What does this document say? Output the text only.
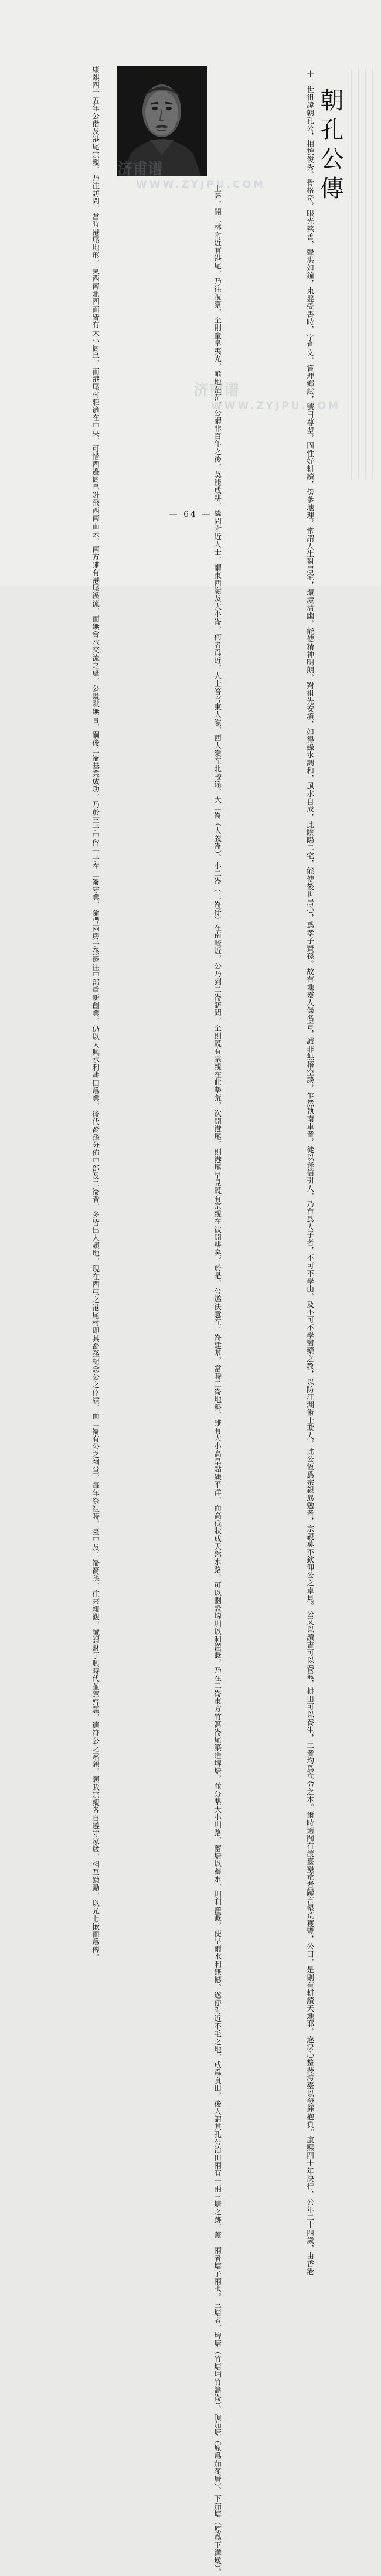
朝孔公傳

十二世祖諱朝孔公，相貌俊秀，骨格奇，眼光慈善，聲洪如鐘，束髮受書時，字倉文，嘗理鄉試，號曰尊聖，固性好耕讀，傍參地理，常謂人生對居宅，環境清幽，能使精神明朗，對祖先安墳，如得綠水調和，風水自成，此陰陽二宅，能使後世居心，爲孝子賢孫。故有地靈人傑名言，誠非無稽空談，乍然執南車者，徒以迷信引人，乃有爲人子者，不可不學山，及不可不學醫藥之教，以防江湖術士欺人，此公恆爲宗親勗勉者，宗親莫不欽仰公之卓見。公又以讀書可以養氣，耕田可以養生，二者均爲立命之本。爾時適聞有渡臺墾荒者歸言墾荒獲豐，公曰，是則有耕讀天地耶，遂決心整裝渡臺以發揮抱負。康熙四十年決行，公年二十四歲，由香港

上陸，開二林附近有港尾，乃往視察，至則童阜夷光，亟地茫茫，公謂非百年之後，莫能成耕，繼問附近人士，謂東西嶺及大小崙，何者爲近，人士答言東大嶺、西大嶺在北較遠，大二崙（大義崙）、小二崙（二崙仔）在南較近，公乃到二崙訪問，至則既有宗親在此墾荒，次開港尾，則港尾早見既有宗親在彼開耕矣。於是，公遂決意在二崙建基，當時二崙地勢，雖有大小高阜點綴平洋，而高低狀成天然水路，可以劃設埤圳以利灌溉，乃在二崙東方竹篙崙尾築造埤塘，並分墾大小圳路，蓄塘以蓄水，圳利灌溉，使早雨水利無憾。遂使附近不毛之地，成爲良田，後人謂其孔公治田兩有一兩三塘之跡，蓋一兩者塘子兩也。三塘者，埤塘（竹塘埔竹篙崙）、頂茄塘（原爲茄苳厝）、下茄塘（原爲下溝墘）。

康熙四十五年公偕及港尾宗親，乃往訪問，當時港尾地形，東西南北四面皆有大小崗阜，而港尾村莊適在中央，可惜西邊崗阜針飛西南而去，南方雖有港尾溪流，而無會水交流之處，公既默無言，嗣後二崙基業成功，乃於三子中留一子在二崙守業，隨帶兩房子孫遷往中部重新創業，仍以大興水利耕田爲業，後代裔孫分佈中部及二崙者，多皆出人頭地，現在西屯之港尾村即其裔孫紀念公之倖績，而二崙有公之祠堂，每年祭祖時，臺中及二崙裔孫，往來親觀，誠謂財丁興時代並駕齊驅，適符公之素願，願我宗親各自遵守家箴，相互勉勵，以光七嵌而爲傳。 济甫谱
WWW.ZYJPU.COM
济甫谱
WWW.ZYJPU.COM
— 64 —
